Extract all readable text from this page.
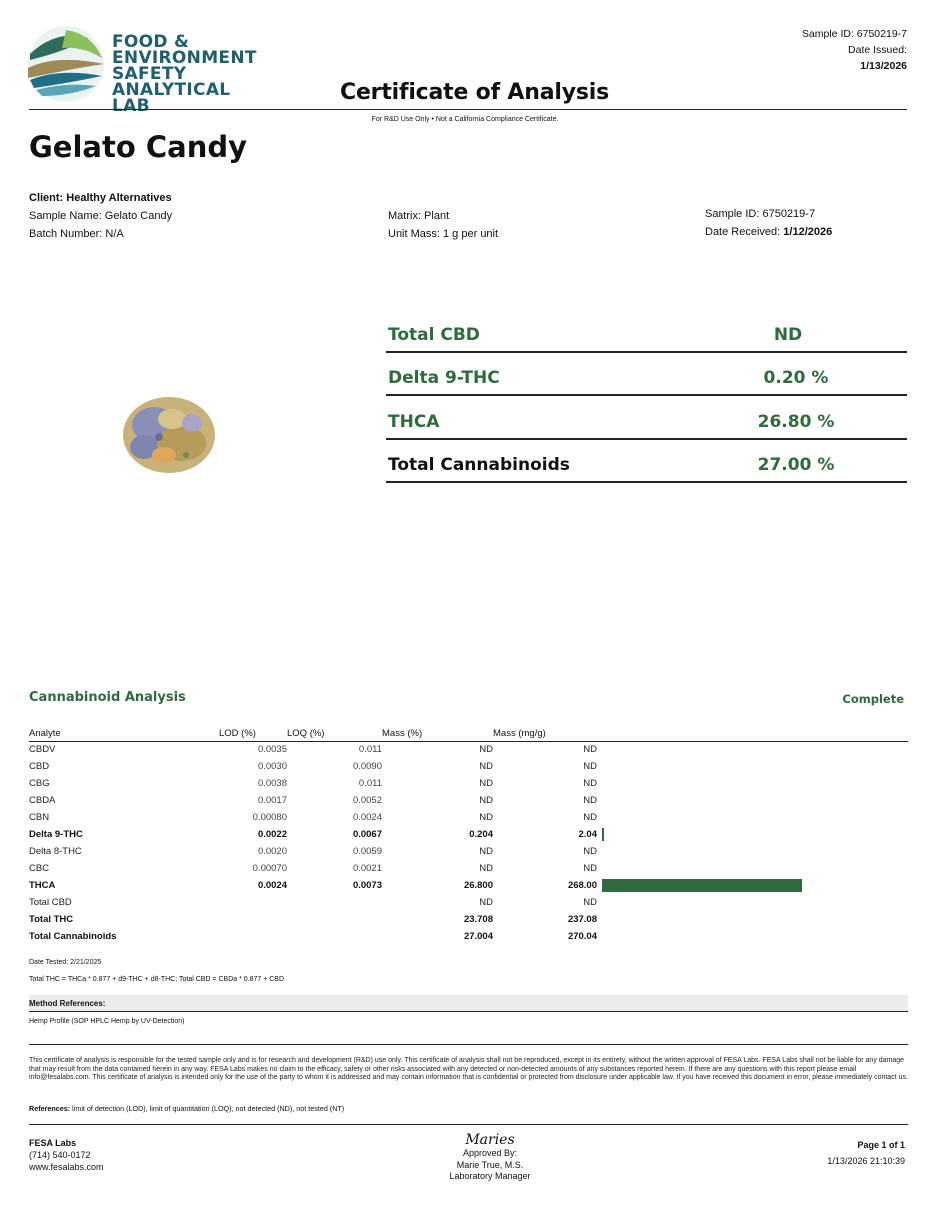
FOOD &
ENVIRONMENT
SAFETY
ANALYTICAL LAB
Certificate of Analysis
Sample ID: 6750219-7
Date Issued:
1/13/2026
For R&D Use Only • Not a California Compliance Certificate.
Gelato Candy
Client: Healthy Alternatives
Sample Name: Gelato Candy
Batch Number: N/A
Matrix: Plant
Unit Mass: 1 g per unit
Sample ID: 6750219-7
Date Received: 1/12/2026
Total CBD	ND
Delta 9-THC	0.20 %
THCA	26.80 %
Total Cannabinoids	27.00 %
Cannabinoid Analysis	Complete
Analyte	LOD (%)	LOQ (%)	Mass (%)	Mass (mg/g)	
CBDV	0.0035	0.011	ND	ND	
CBD	0.0030	0.0090	ND	ND	
CBG	0.0038	0.011	ND	ND	
CBDA	0.0017	0.0052	ND	ND	
CBN	0.00080	0.0024	ND	ND	
Delta 9-THC	0.0022	0.0067	0.204	2.04	
Delta 8-THC	0.0020	0.0059	ND	ND	
CBC	0.00070	0.0021	ND	ND	
THCA	0.0024	0.0073	26.800	268.00	
Total CBD			ND	ND	
Total THC			23.708	237.08	
Total Cannabinoids			27.004	270.04	
Date Tested: 2/21/2025
Total THC = THCa * 0.877 + d9-THC + d8-THC; Total CBD = CBDa * 0.877 + CBD
Method References:
Hemp Profile (SOP HPLC Hemp by UV-Detection)
This certificate of analysis is responsible for the tested sample only and is for research and development (R&D) use only. This certificate of analysis shall not be reproduced, except in its entirety, without the written approval of FESA Labs. FESA Labs shall not be liable for any damage that may result from the data contained herein in any way. FESA Labs makes no claim to the efficacy, safety or other risks associated with any detected or non-detected amounts of any substances reported herein. If there are any questions with this report please email info@fesalabs.com. This certificate of analysis is intended only for the use of the party to whom it is addressed and may contain information that is confidential or protected from disclosure under applicable law. If you have received this document in error, please immediately contact us.
References: limit of detection (LOD), limit of quantitation (LOQ), not detected (ND), not tested (NT)
FESA Labs
(714) 540-0172
www.fesalabs.com
Maries
Approved By:
Marie True, M.S.
Laboratory Manager
Page 1 of 1
1/13/2026 21:10:39
